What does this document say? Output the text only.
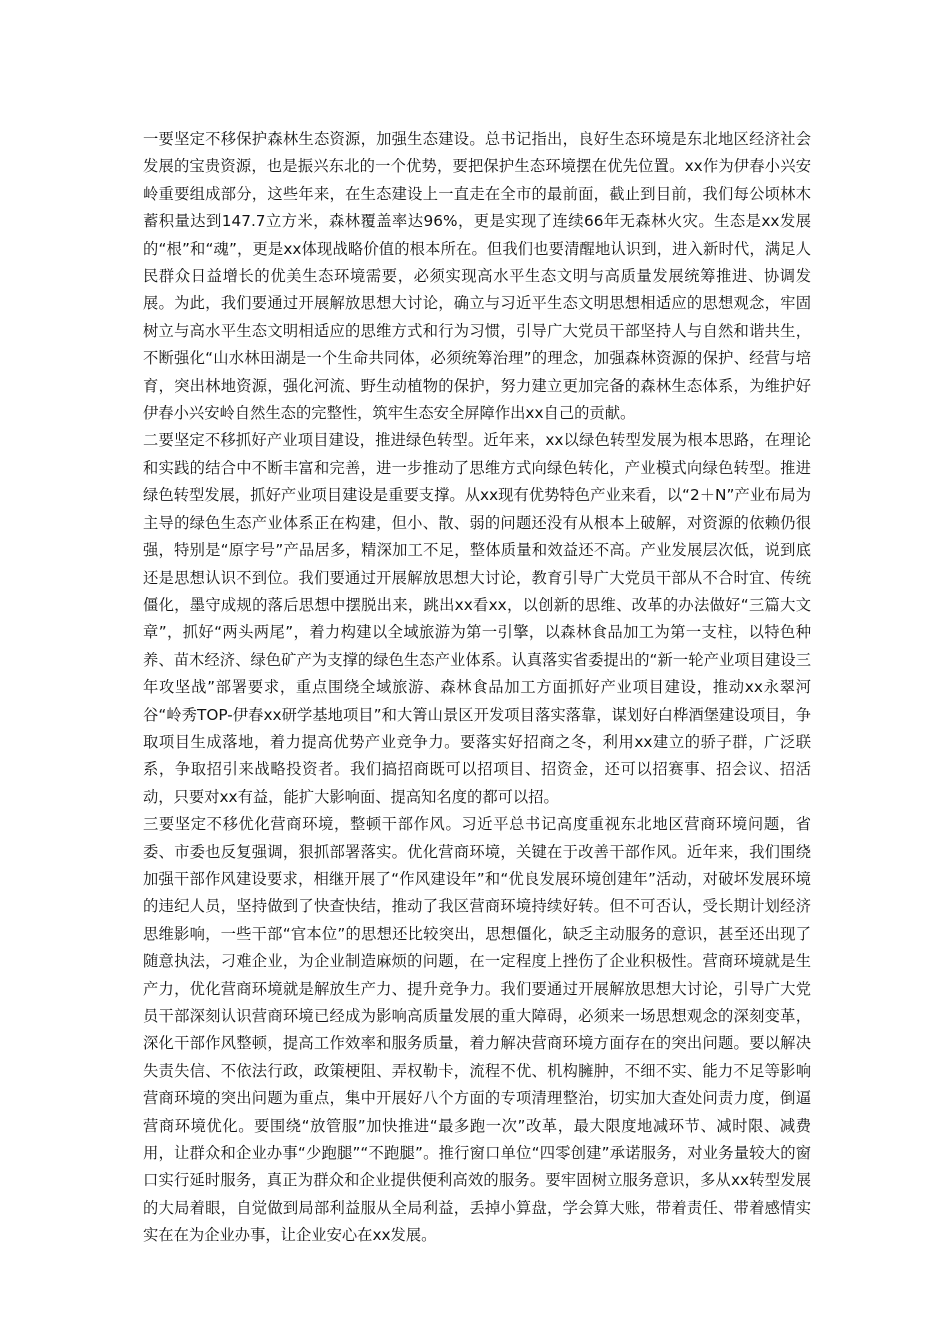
一要坚定不移保护森林生态资源，加强生态建设。总书记指出，良好生态环境是东北地区经济社会发展的宝贵资源，也是振兴东北的一个优势，要把保护生态环境摆在优先位置。xx作为伊春小兴安岭重要组成部分，这些年来，在生态建设上一直走在全市的最前面，截止到目前，我们每公顷林木蓄积量达到147.7立方米，森林覆盖率达96%，更是实现了连续66年无森林火灾。生态是xx发展的“根”和“魂”，更是xx体现战略价值的根本所在。但我们也要清醒地认识到，进入新时代，满足人民群众日益增长的优美生态环境需要，必须实现高水平生态文明与高质量发展统筹推进、协调发展。为此，我们要通过开展解放思想大讨论，确立与习近平生态文明思想相适应的思想观念，牢固树立与高水平生态文明相适应的思维方式和行为习惯，引导广大党员干部坚持人与自然和谐共生，不断强化“山水林田湖是一个生命共同体，必须统筹治理”的理念，加强森林资源的保护、经营与培育，突出林地资源，强化河流、野生动植物的保护，努力建立更加完备的森林生态体系，为维护好伊春小兴安岭自然生态的完整性，筑牢生态安全屏障作出xx自己的贡献。

二要坚定不移抓好产业项目建设，推进绿色转型。近年来，xx以绿色转型发展为根本思路，在理论和实践的结合中不断丰富和完善，进一步推动了思维方式向绿色转化，产业模式向绿色转型。推进绿色转型发展，抓好产业项目建设是重要支撑。从xx现有优势特色产业来看，以“2＋N”产业布局为主导的绿色生态产业体系正在构建，但小、散、弱的问题还没有从根本上破解，对资源的依赖仍很强，特别是“原字号”产品居多，精深加工不足，整体质量和效益还不高。产业发展层次低，说到底还是思想认识不到位。我们要通过开展解放思想大讨论，教育引导广大党员干部从不合时宜、传统僵化，墨守成规的落后思想中摆脱出来，跳出xx看xx，以创新的思维、改革的办法做好“三篇大文章”，抓好“两头两尾”，着力构建以全域旅游为第一引擎，以森林食品加工为第一支柱，以特色种养、苗木经济、绿色矿产为支撑的绿色生态产业体系。认真落实省委提出的“新一轮产业项目建设三年攻坚战”部署要求，重点围绕全域旅游、森林食品加工方面抓好产业项目建设，推动xx永翠河谷“岭秀TOP-伊春xx研学基地项目”和大箐山景区开发项目落实落靠，谋划好白桦酒堡建设项目，争取项目生成落地，着力提高优势产业竞争力。要落实好招商之冬，利用xx建立的骄子群，广泛联系，争取招引来战略投资者。我们搞招商既可以招项目、招资金，还可以招赛事、招会议、招活动，只要对xx有益，能扩大影响面、提高知名度的都可以招。

三要坚定不移优化营商环境，整顿干部作风。习近平总书记高度重视东北地区营商环境问题，省委、市委也反复强调，狠抓部署落实。优化营商环境，关键在于改善干部作风。近年来，我们围绕加强干部作风建设要求，相继开展了“作风建设年”和“优良发展环境创建年”活动，对破坏发展环境的违纪人员，坚持做到了快查快结，推动了我区营商环境持续好转。但不可否认，受长期计划经济思维影响，一些干部“官本位”的思想还比较突出，思想僵化，缺乏主动服务的意识，甚至还出现了随意执法，刁难企业，为企业制造麻烦的问题，在一定程度上挫伤了企业积极性。营商环境就是生产力，优化营商环境就是解放生产力、提升竞争力。我们要通过开展解放思想大讨论，引导广大党员干部深刻认识营商环境已经成为影响高质量发展的重大障碍，必须来一场思想观念的深刻变革，深化干部作风整顿，提高工作效率和服务质量，着力解决营商环境方面存在的突出问题。要以解决失责失信、不依法行政，政策梗阻、弄权勒卡，流程不优、机构臃肿，不细不实、能力不足等影响营商环境的突出问题为重点，集中开展好八个方面的专项清理整治，切实加大查处问责力度，倒逼营商环境优化。要围绕“放管服”加快推进“最多跑一次”改革，最大限度地减环节、减时限、减费用，让群众和企业办事“少跑腿”“不跑腿”。推行窗口单位“四零创建”承诺服务，对业务量较大的窗口实行延时服务，真正为群众和企业提供便利高效的服务。要牢固树立服务意识，多从xx转型发展的大局着眼，自觉做到局部利益服从全局利益，丢掉小算盘，学会算大账，带着责任、带着感情实实在在为企业办事，让企业安心在xx发展。
